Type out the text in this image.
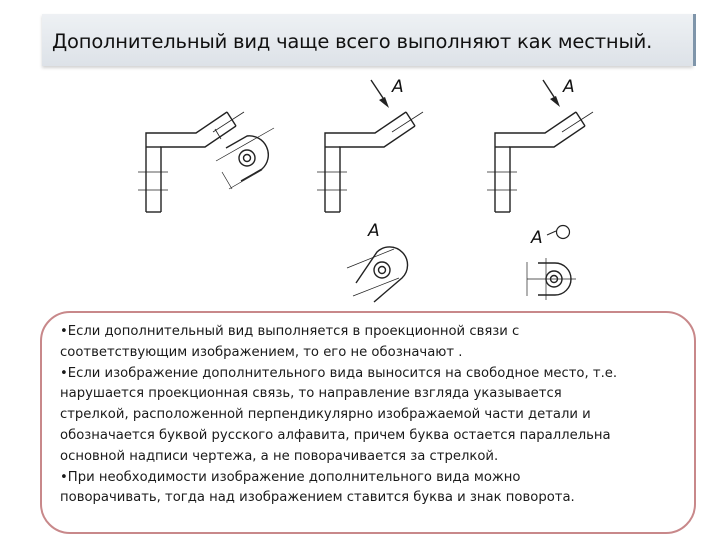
Дополнительный вид чаще всего выполняют как местный.
A
A
A
A
•Если дополнительный вид выполняется в проекционной связи с
соответствующим изображением, то его не обозначают .
•Если изображение дополнительного вида выносится на свободное место, т.е.
нарушается проекционная связь, то направление взгляда указывается
стрелкой, расположенной перпендикулярно изображаемой части детали и
обозначается буквой русского алфавита, причем буква остается параллельна
основной надписи чертежа, а не поворачивается за стрелкой.
•При необходимости изображение дополнительного вида можно
поворачивать, тогда над изображением ставится буква и знак поворота.
